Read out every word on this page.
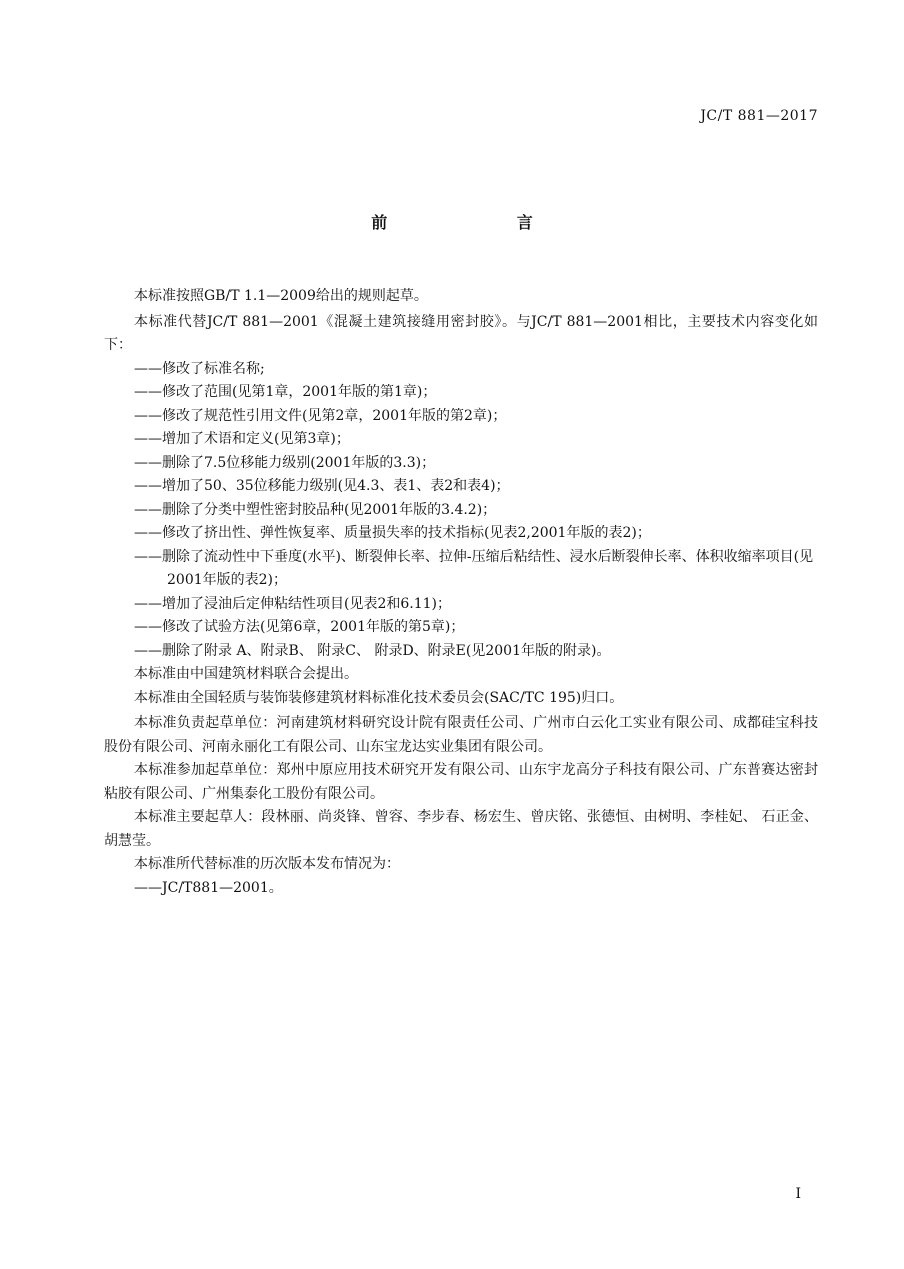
JC/T 881—2017
前 言

本标准按照GB/T 1.1—2009给出的规则起草。

本标准代替JC/T 881—2001《混凝土建筑接缝用密封胶》。与JC/T 881—2001相比，主要技术内容变化如下：

——修改了标准名称;

——修改了范围(见第1章，2001年版的第1章)；

——修改了规范性引用文件(见第2章，2001年版的第2章)；

——增加了术语和定义(见第3章)；

——删除了7.5位移能力级别(2001年版的3.3)；

——增加了50、35位移能力级别(见4.3、表1、表2和表4)；

——删除了分类中塑性密封胶品种(见2001年版的3.4.2)；

——修改了挤出性、弹性恢复率、质量损失率的技术指标(见表2,2001年版的表2)；

——删除了流动性中下垂度(水平)、断裂伸长率、拉伸-压缩后粘结性、浸水后断裂伸长率、体积收缩率项目(见2001年版的表2)；

——增加了浸油后定伸粘结性项目(见表2和6.11)；

——修改了试验方法(见第6章，2001年版的第5章)；

——删除了附录 A、附录B、 附录C、 附录D、附录E(见2001年版的附录)。

本标准由中国建筑材料联合会提出。

本标准由全国轻质与装饰装修建筑材料标准化技术委员会(SAC/TC 195)归口。

本标准负责起草单位：河南建筑材料研究设计院有限责任公司、广州市白云化工实业有限公司、成都硅宝科技股份有限公司、河南永丽化工有限公司、山东宝龙达实业集团有限公司。

本标准参加起草单位：郑州中原应用技术研究开发有限公司、山东宇龙高分子科技有限公司、广东普赛达密封粘胶有限公司、广州集泰化工股份有限公司。

本标准主要起草人：段林丽、尚炎锋、曾容、李步春、杨宏生、曾庆铭、张德恒、由树明、李桂妃、 石正金、胡慧莹。

本标准所代替标准的历次版本发布情况为：

——JC/T881—2001。

I
